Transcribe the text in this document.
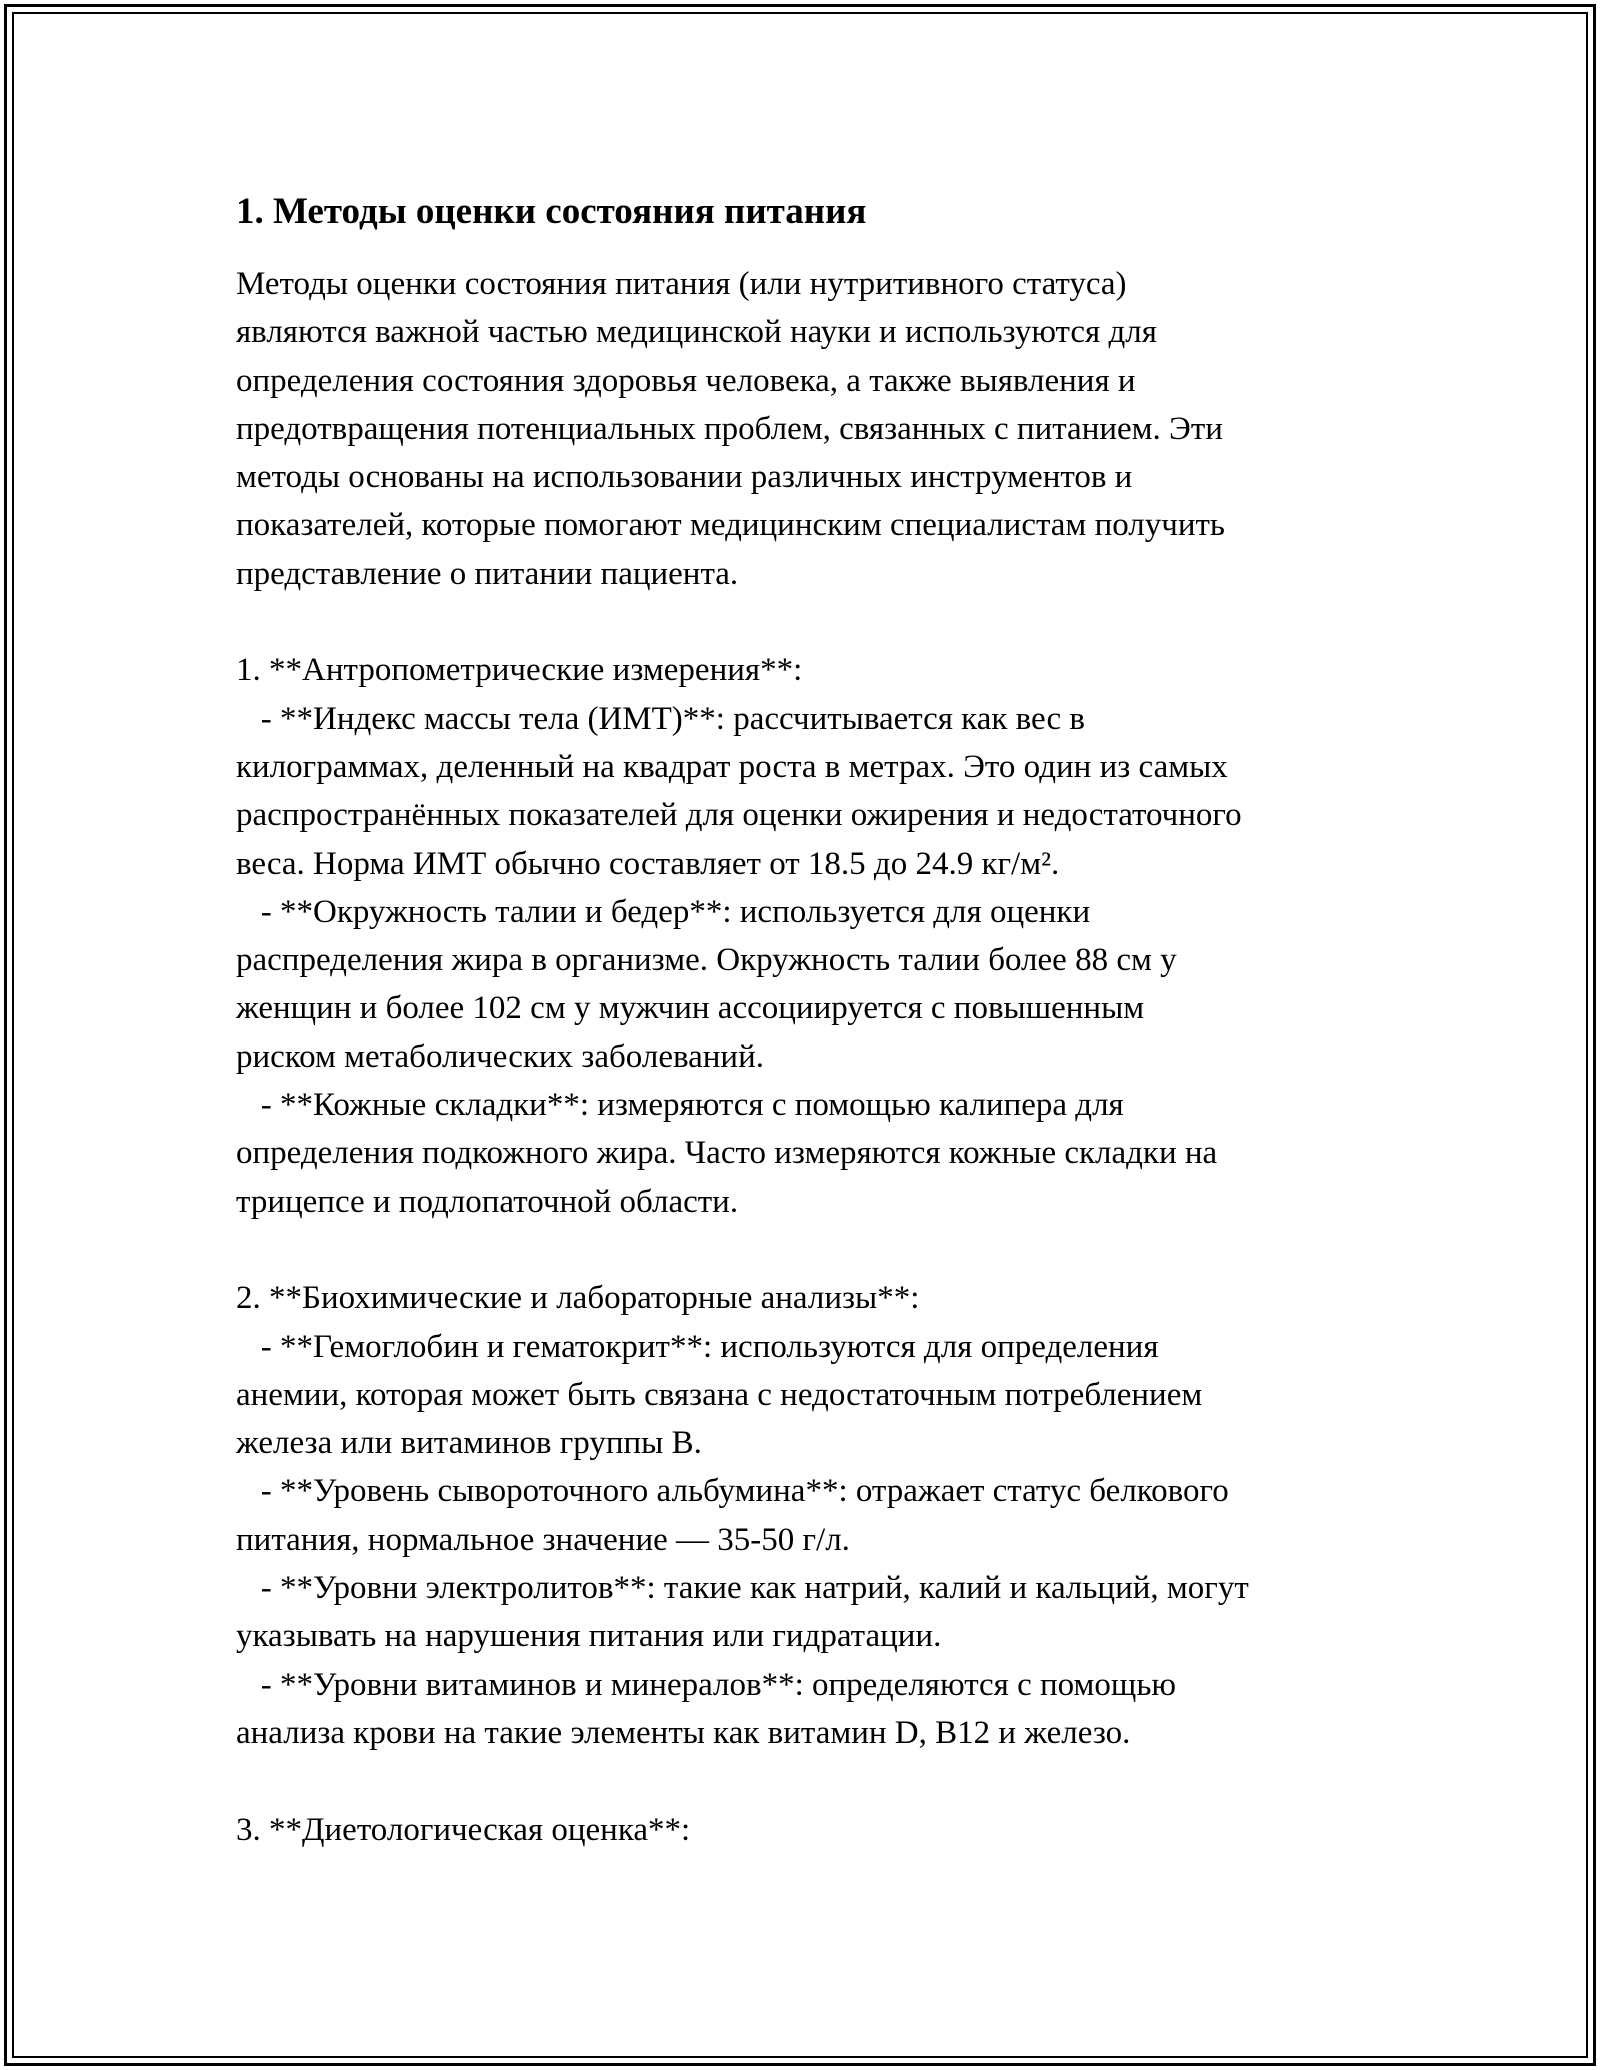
1. Методы оценки состояния питания

Методы оценки состояния питания (или нутритивного статуса)
являются важной частью медицинской науки и используются для
определения состояния здоровья человека, а также выявления и
предотвращения потенциальных проблем, связанных с питанием. Эти
методы основаны на использовании различных инструментов и
показателей, которые помогают медицинским специалистам получить
представление о питании пациента.

1. **Антропометрические измерения**:
- **Индекс массы тела (ИМТ)**: рассчитывается как вес в
килограммах, деленный на квадрат роста в метрах. Это один из самых
распространённых показателей для оценки ожирения и недостаточного
веса. Норма ИМТ обычно составляет от 18.5 до 24.9 кг/м².
- **Окружность талии и бедер**: используется для оценки
распределения жира в организме. Окружность талии более 88 см у
женщин и более 102 см у мужчин ассоциируется с повышенным
риском метаболических заболеваний.
- **Кожные складки**: измеряются с помощью калипера для
определения подкожного жира. Часто измеряются кожные складки на
трицепсе и подлопаточной области.

2. **Биохимические и лабораторные анализы**:
- **Гемоглобин и гематокрит**: используются для определения
анемии, которая может быть связана с недостаточным потреблением
железа или витаминов группы B.
- **Уровень сывороточного альбумина**: отражает статус белкового
питания, нормальное значение — 35-50 г/л.
- **Уровни электролитов**: такие как натрий, калий и кальций, могут
указывать на нарушения питания или гидратации.
- **Уровни витаминов и минералов**: определяются с помощью
анализа крови на такие элементы как витамин D, B12 и железо.

3. **Диетологическая оценка**:
